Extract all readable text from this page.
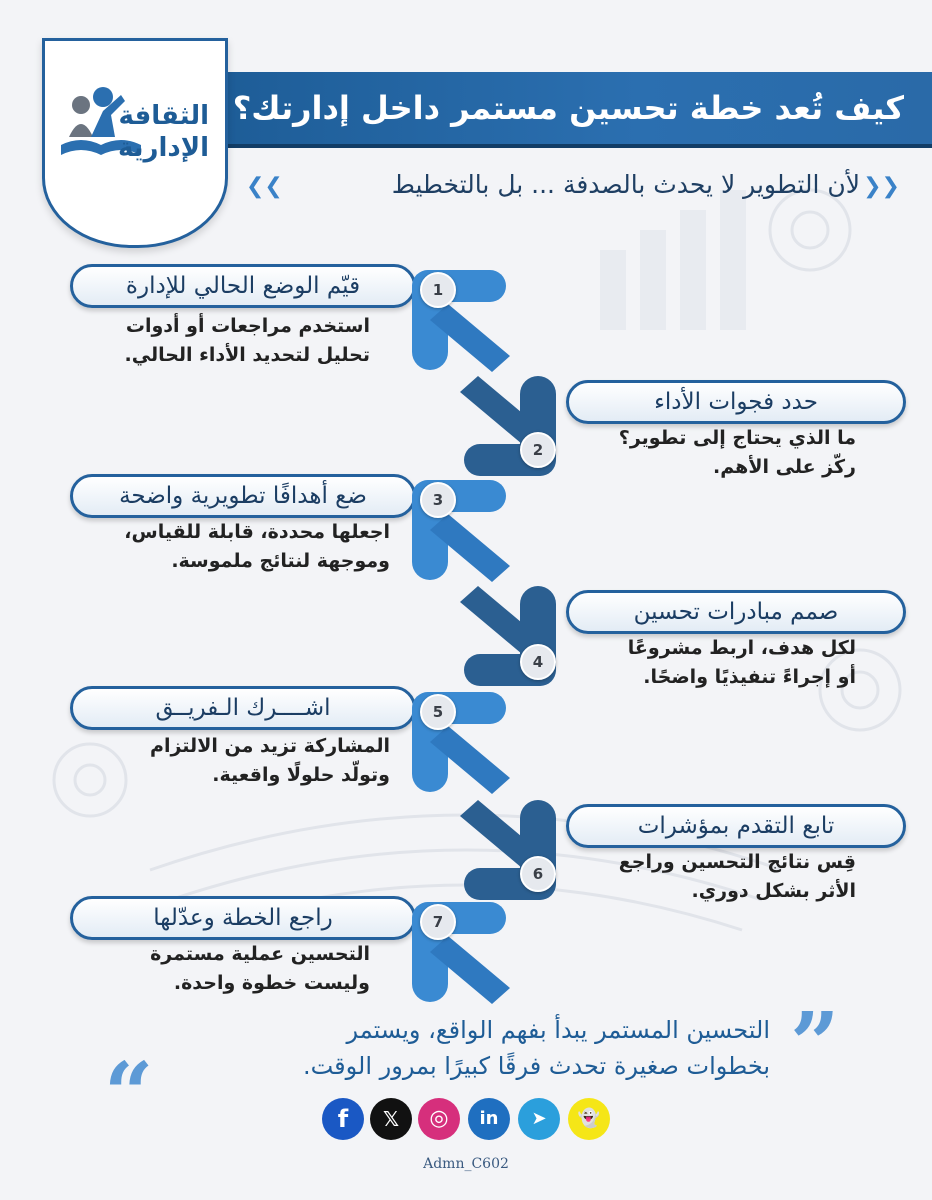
كيف تُعد خطة تحسين مستمر داخل إدارتك؟
الثقافة
الإدارية
❯❯
لأن التطوير لا يحدث بالصدفة ... بل بالتخطيط
❮❮
قيّم الوضع الحالي للإدارة
استخدم مراجعات أو أدوات
تحليل لتحديد الأداء الحالي.
1
حدد فجوات الأداء
ما الذي يحتاج إلى تطوير؟
ركّز على الأهم.
2
ضع أهدافًا تطويرية واضحة
اجعلها محددة، قابلة للقياس،
وموجهة لنتائج ملموسة.
3
صمم مبادرات تحسين
لكل هدف، اربط مشروعًا
أو إجراءً تنفيذيًا واضحًا.
4
اشــــرك الـفريــق
المشاركة تزيد من الالتزام
وتولّد حلولًا واقعية.
5
تابع التقدم بمؤشرات
قِس نتائج التحسين وراجع
الأثر بشكل دوري.
6
راجع الخطة وعدّلها
التحسين عملية مستمرة
وليست خطوة واحدة.
7
”
“
التحسين المستمر يبدأ بفهم الواقع، ويستمر
بخطوات صغيرة تحدث فرقًا كبيرًا بمرور الوقت.
f	𝕏	◎	in	➤	👻
Admn_C602
